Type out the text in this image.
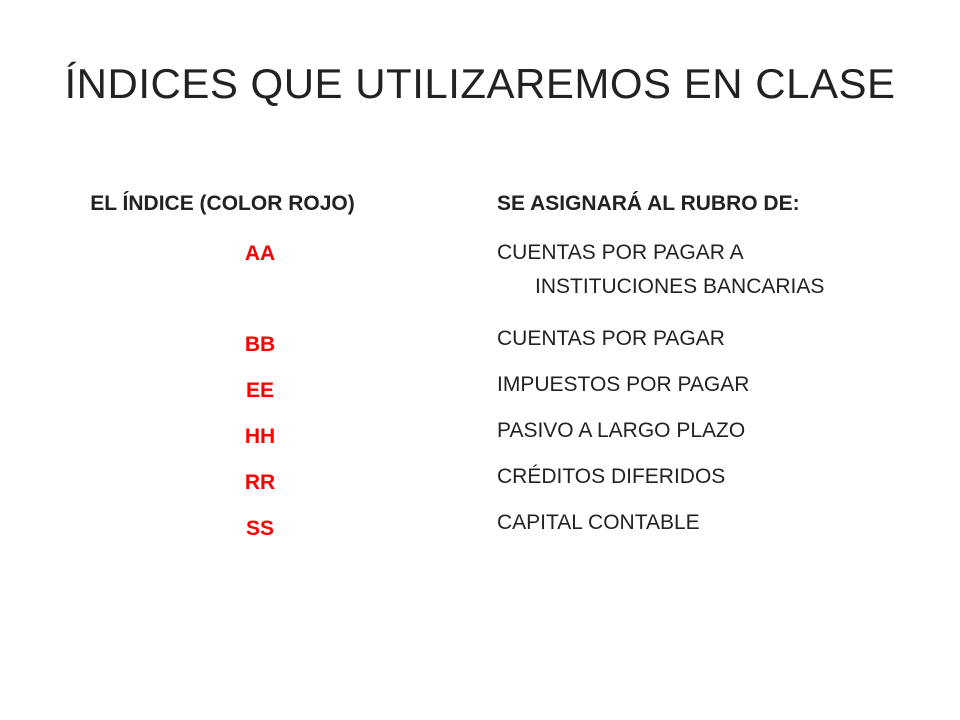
ÍNDICES QUE UTILIZAREMOS EN CLASE
EL ÍNDICE (COLOR ROJO)	SE ASIGNARÁ AL RUBRO DE:
AA
BB
EE
HH
RR
SS
CUENTAS POR PAGAR A
INSTITUCIONES BANCARIAS
CUENTAS POR PAGAR
IMPUESTOS POR PAGAR
PASIVO A LARGO PLAZO
CRÉDITOS DIFERIDOS
CAPITAL CONTABLE
